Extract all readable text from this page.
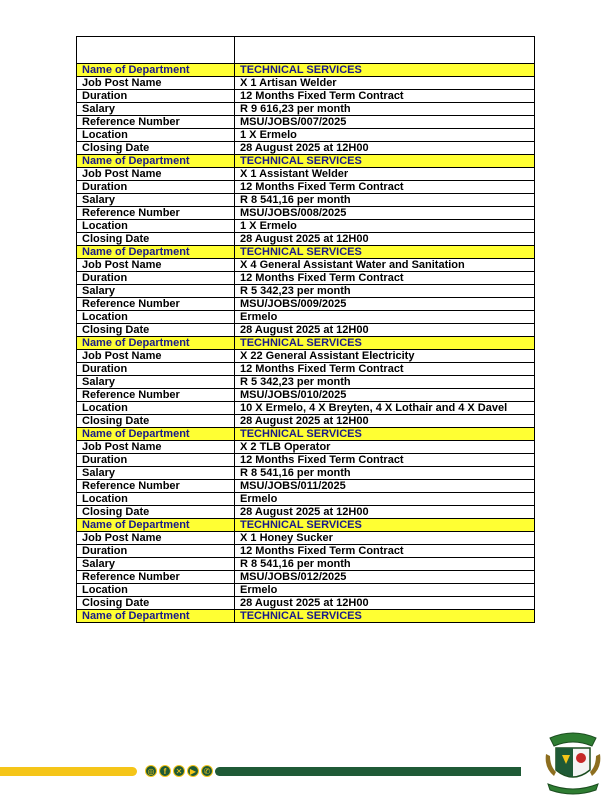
Name of Department	TECHNICAL SERVICES
Job Post Name	X 1 Artisan Welder
Duration	12 Months Fixed Term Contract
Salary	R 9 616,23 per month
Reference Number	MSU/JOBS/007/2025
Location	1 X Ermelo
Closing Date	28 August 2025 at 12H00
Name of Department	TECHNICAL SERVICES
Job Post Name	X 1 Assistant Welder
Duration	12 Months Fixed Term Contract
Salary	R 8 541,16 per month
Reference Number	MSU/JOBS/008/2025
Location	1 X Ermelo
Closing Date	28 August 2025 at 12H00
Name of Department	TECHNICAL SERVICES
Job Post Name	X 4 General Assistant Water and Sanitation
Duration	12 Months Fixed Term Contract
Salary	R 5 342,23 per month
Reference Number	MSU/JOBS/009/2025
Location	Ermelo
Closing Date	28 August 2025 at 12H00
Name of Department	TECHNICAL SERVICES
Job Post Name	X 22 General Assistant Electricity
Duration	12 Months Fixed Term Contract
Salary	R 5 342,23 per month
Reference Number	MSU/JOBS/010/2025
Location	10 X Ermelo, 4 X Breyten, 4 X Lothair and 4 X Davel
Closing Date	28 August 2025 at 12H00
Name of Department	TECHNICAL SERVICES
Job Post Name	X 2 TLB Operator
Duration	12 Months Fixed Term Contract
Salary	R 8 541,16 per month
Reference Number	MSU/JOBS/011/2025
Location	Ermelo
Closing Date	28 August 2025 at 12H00
Name of Department	TECHNICAL SERVICES
Job Post Name	X 1 Honey Sucker
Duration	12 Months Fixed Term Contract
Salary	R 8 541,16 per month
Reference Number	MSU/JOBS/012/2025
Location	Ermelo
Closing Date	28 August 2025 at 12H00
Name of Department	TECHNICAL SERVICES
◎	f	✕ ▶ ✆
